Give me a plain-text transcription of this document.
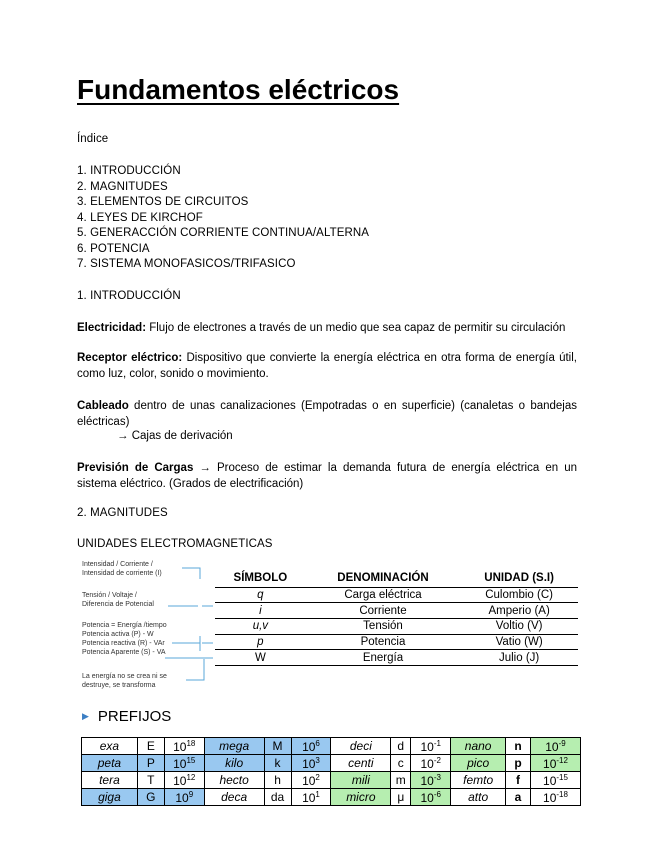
Fundamentos eléctricos
Índice
1. INTRODUCCIÓN
2. MAGNITUDES
3. ELEMENTOS DE CIRCUITOS
4. LEYES DE KIRCHOF
5. GENERACCIÓN CORRIENTE CONTINUA/ALTERNA
6. POTENCIA
7. SISTEMA MONOFASICOS/TRIFASICO
1. INTRODUCCIÓN
Electricidad: Flujo de electrones a través de un medio que sea capaz de permitir su circulación
Receptor eléctrico: Dispositivo que convierte la energía eléctrica en otra forma de energía útil, como luz, color, sonido o movimiento.
Cableado dentro de unas canalizaciones (Empotradas o en superficie) (canaletas o bandejas eléctricas)
→ Cajas de derivación
Previsión de Cargas → Proceso de estimar la demanda futura de energía eléctrica en un sistema eléctrico. (Grados de electrificación)
2. MAGNITUDES
UNIDADES ELECTROMAGNETICAS
Intensidad / Corriente /
Intensidad de corriente (I)
Tensión / Voltaje /
Diferencia de Potencial
Potencia = Energía /tiempo
Potencia activa (P) - W
Potencia reactiva (R) - VAr
Potencia Aparente (S) - VA
La energía no se crea ni se
destruye, se transforma
SÍMBOLO	DENOMINACIÓN	UNIDAD (S.I)
q	Carga eléctrica	Culombio (C)
i	Corriente	Amperio (A)
u,v	Tensión	Voltio (V)
p	Potencia	Vatio (W)
W	Energía	Julio (J)
▶ PREFIJOS
exa	E	$10^{18}$	mega	M	$10^6$	deci	d	$10^{-1}$	nano	n	$10^{-9}$
peta	P	$10^{15}$	kilo	k	$10^3$	centi	c	$10^{-2}$	pico	p	$10^{-12}$
tera	T	$10^{12}$	hecto	h	$10^2$	mili	m	$10^{-3}$	femto	f	$10^{-15}$
giga	G	$10^9$	deca	da	$10^1$	micro	μ	$10^{-6}$	atto	a	$10^{-18}$
